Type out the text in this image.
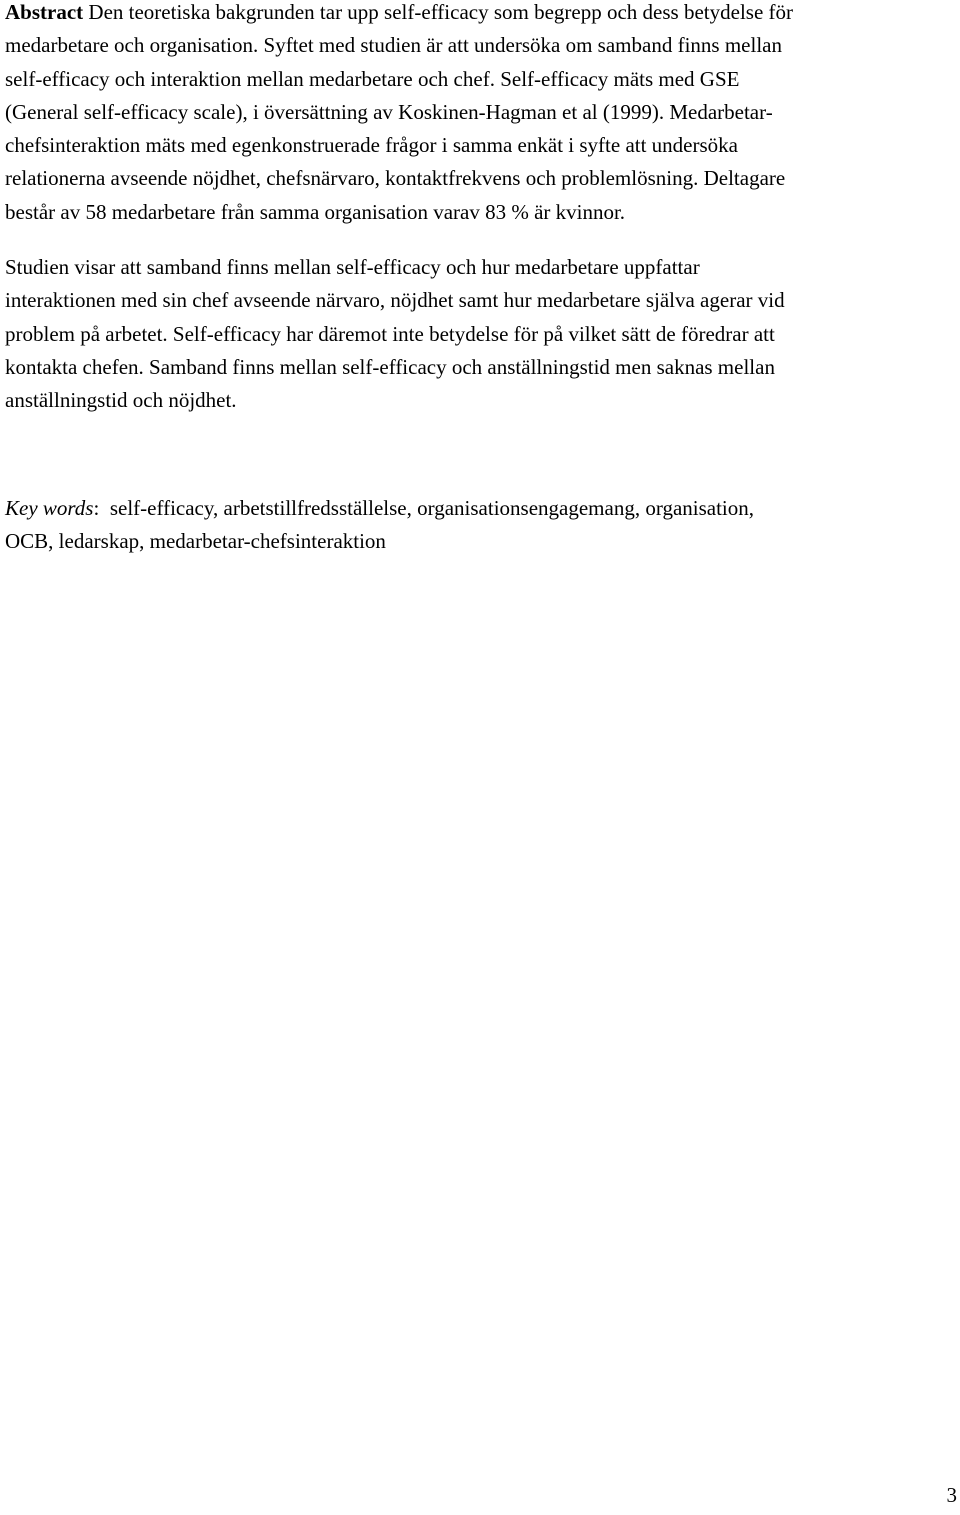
Abstract Den teoretiska bakgrunden tar upp self-efficacy som begrepp och dess betydelse för
medarbetare och organisation. Syftet med studien är att undersöka om samband finns mellan
self-efficacy och interaktion mellan medarbetare och chef. Self-efficacy mäts med GSE
(General self-efficacy scale), i översättning av Koskinen-Hagman et al (1999). Medarbetar-
chefsinteraktion mäts med egenkonstruerade frågor i samma enkät i syfte att undersöka
relationerna avseende nöjdhet, chefsnärvaro, kontaktfrekvens och problemlösning. Deltagare
består av 58 medarbetare från samma organisation varav 83 % är kvinnor.
Studien visar att samband finns mellan self-efficacy och hur medarbetare uppfattar
interaktionen med sin chef avseende närvaro, nöjdhet samt hur medarbetare själva agerar vid
problem på arbetet. Self-efficacy har däremot inte betydelse för på vilket sätt de föredrar att
kontakta chefen. Samband finns mellan self-efficacy och anställningstid men saknas mellan
anställningstid och nöjdhet.
Key words:  self-efficacy, arbetstillfredsställelse, organisationsengagemang, organisation,
OCB, ledarskap, medarbetar-chefsinteraktion
3
